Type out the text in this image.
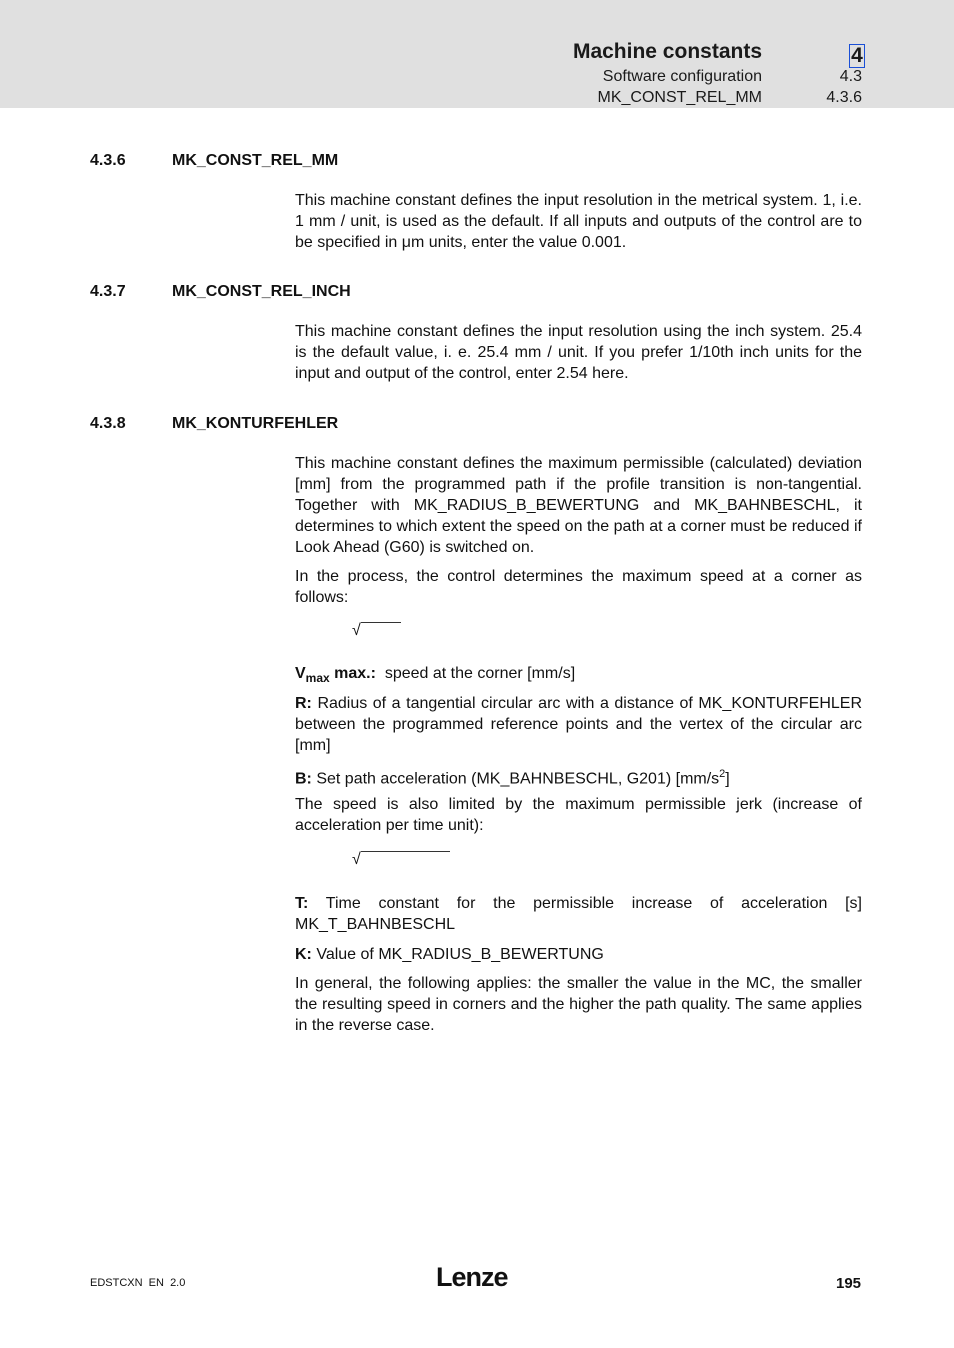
Machine constants	4
Software configuration	4.3
MK_CONST_REL_MM	4.3.6
4.3.6	MK_CONST_REL_MM

This machine constant defines the input resolution in the metrical system. 1, i.e. 1 mm / unit, is used as the default. If all inputs and outputs of the control are to be specified in μm units, enter the value 0.001.

4.3.7	MK_CONST_REL_INCH

This machine constant defines the input resolution using the inch system. 25.4 is the default value, i. e. 25.4 mm / unit. If you prefer 1/10th inch units for the input and output of the control, enter 2.54 here.

4.3.8	MK_KONTURFEHLER

This machine constant defines the maximum permissible (calculated) deviation [mm] from the programmed path if the profile transition is non-tangential. Together with MK_RADIUS_B_BEWERTUNG and MK_BAHNBESCHL, it determines to which extent the speed on the path at a corner must be reduced if Look Ahead (G60) is switched on.

In the process, the control determines the maximum speed at a corner as follows:

√

$V_{max}$ max.: speed at the corner [mm/s]

R: Radius of a tangential circular arc with a distance of MK_KONTURFEHLER between the programmed reference points and the vertex of the circular arc [mm]

B: Set path acceleration (MK_BAHNBESCHL, G201) $[mm/s^2]$

The speed is also limited by the maximum permissible jerk (increase of acceleration per time unit):

√

T: Time constant for the permissible increase of acceleration [s] MK_T_BAHNBESCHL

K: Value of MK_RADIUS_B_BEWERTUNG

In general, the following applies: the smaller the value in the MC, the smaller the resulting speed in corners and the higher the path quality. The same applies in the reverse case.

EDSTCXN  EN  2.0	Lenze	195
